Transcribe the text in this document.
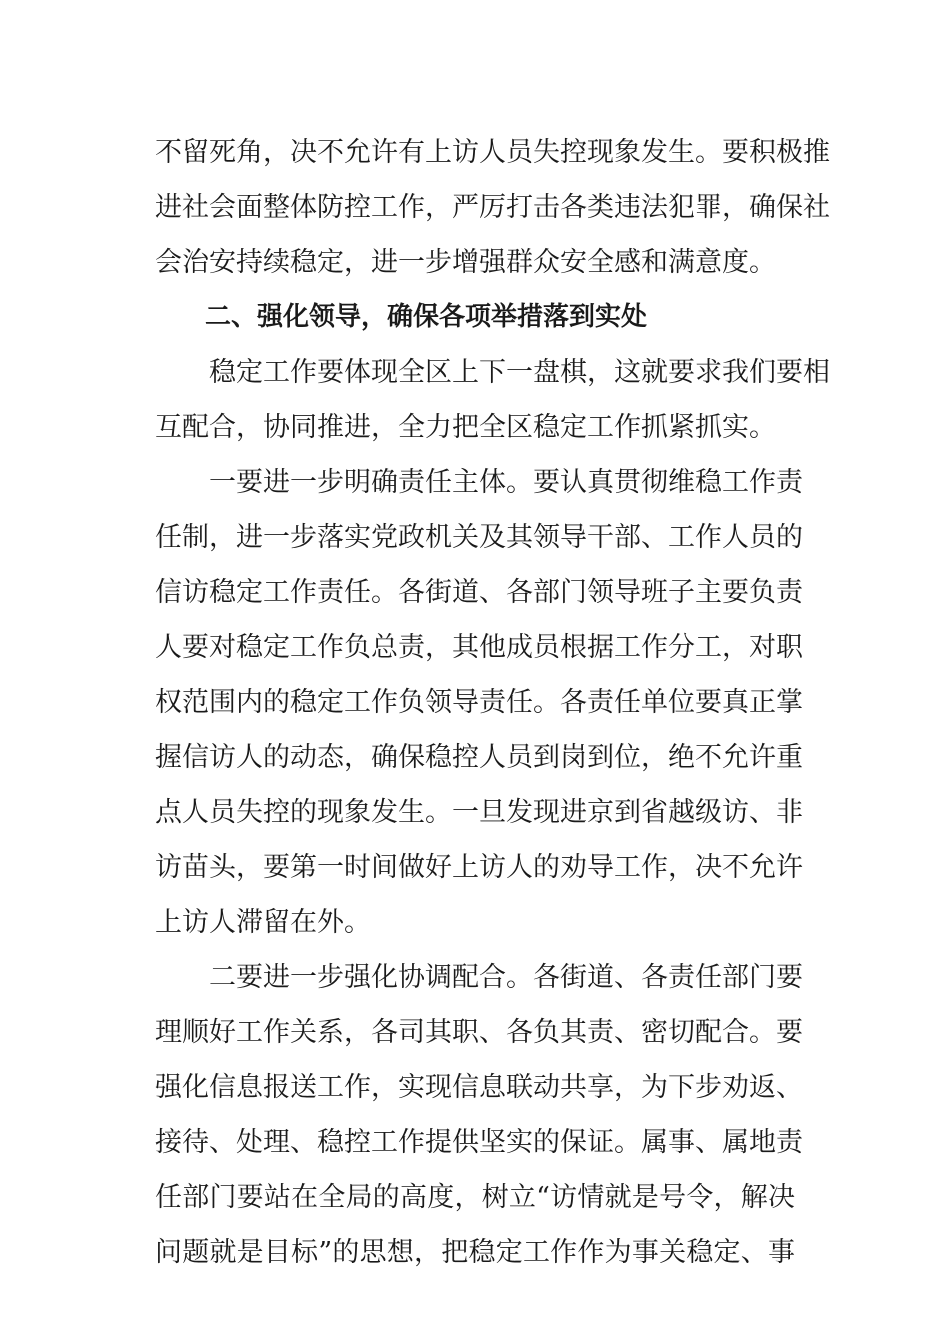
不留死角，决不允许有上访人员失控现象发生。要积极推
进社会面整体防控工作，严厉打击各类违法犯罪，确保社
会治安持续稳定，进一步增强群众安全感和满意度。
二、强化领导，确保各项举措落到实处
稳定工作要体现全区上下一盘棋，这就要求我们要相
互配合，协同推进，全力把全区稳定工作抓紧抓实。
一要进一步明确责任主体。要认真贯彻维稳工作责
任制，进一步落实党政机关及其领导干部、工作人员的
信访稳定工作责任。各街道、各部门领导班子主要负责
人要对稳定工作负总责，其他成员根据工作分工，对职
权范围内的稳定工作负领导责任。各责任单位要真正掌
握信访人的动态，确保稳控人员到岗到位，绝不允许重
点人员失控的现象发生。一旦发现进京到省越级访、非
访苗头，要第一时间做好上访人的劝导工作，决不允许
上访人滞留在外。
二要进一步强化协调配合。各街道、各责任部门要
理顺好工作关系，各司其职、各负其责、密切配合。要
强化信息报送工作，实现信息联动共享，为下步劝返、
接待、处理、稳控工作提供坚实的保证。属事、属地责
任部门要站在全局的高度，树立“访情就是号令，解决
问题就是目标”的思想，把稳定工作作为事关稳定、事
